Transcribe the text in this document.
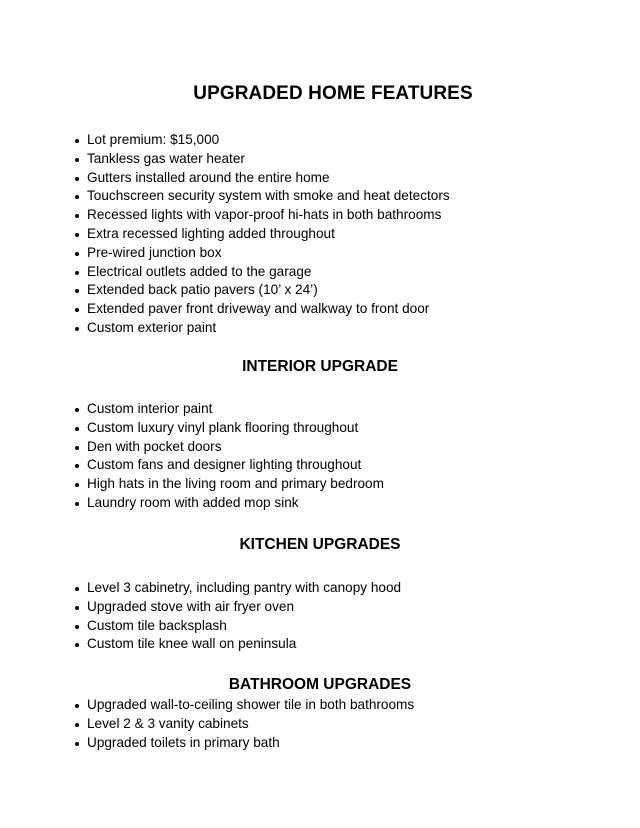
UPGRADED HOME FEATURES
Lot premium: $15,000
Tankless gas water heater
Gutters installed around the entire home
Touchscreen security system with smoke and heat detectors
Recessed lights with vapor-proof hi-hats in both bathrooms
Extra recessed lighting added throughout
Pre-wired junction box
Electrical outlets added to the garage
Extended back patio pavers (10’ x 24’)
Extended paver front driveway and walkway to front door
Custom exterior paint
INTERIOR UPGRADE
Custom interior paint
Custom luxury vinyl plank flooring throughout
Den with pocket doors
Custom fans and designer lighting throughout
High hats in the living room and primary bedroom
Laundry room with added mop sink
KITCHEN UPGRADES
Level 3 cabinetry, including pantry with canopy hood
Upgraded stove with air fryer oven
Custom tile backsplash
Custom tile knee wall on peninsula
BATHROOM UPGRADES
Upgraded wall-to-ceiling shower tile in both bathrooms
Level 2 & 3 vanity cabinets
Upgraded toilets in primary bath
